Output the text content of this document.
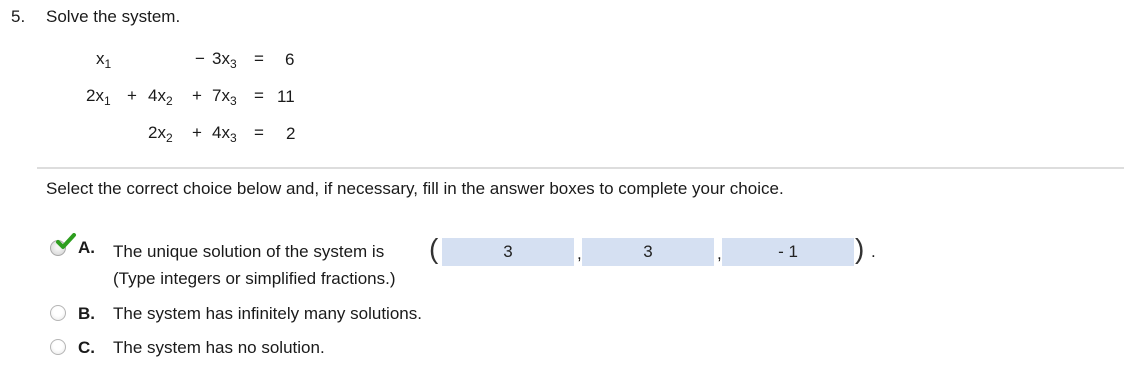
5. Solve the system.
$x_1$	− $3x_3 = 6$
$2x_1 + 4x_2 + 7x_3 = 11$
$2x_2 + 4x_3 = 2$
Select the correct choice below and, if necessary, fill in the answer boxes to complete your choice.
A. The unique solution of the system is (	3	,	3	,	- 1	) .
(Type integers or simplified fractions.)
B. The system has infinitely many solutions.
C. The system has no solution.
